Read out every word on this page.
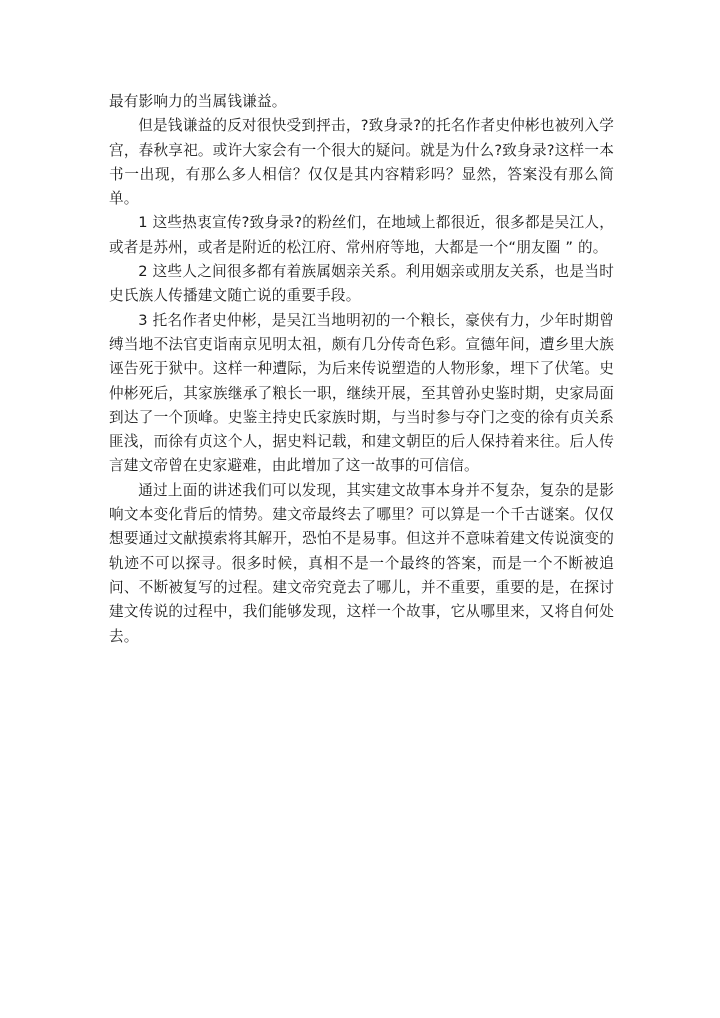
最有影响力的当属钱谦益。

但是钱谦益的反对很快受到抨击，?致身录?的托名作者史仲彬也被列入学宫，春秋享祀。或许大家会有一个很大的疑问。就是为什么?致身录?这样一本书一出现，有那么多人相信？仅仅是其内容精彩吗？显然，答案没有那么简单。

1 这些热衷宣传?致身录?的粉丝们，在地域上都很近，很多都是吴江人，或者是苏州，或者是附近的松江府、常州府等地，大都是一个“朋友圈 ” 的。

2 这些人之间很多都有着族属姻亲关系。利用姻亲或朋友关系，也是当时史氏族人传播建文随亡说的重要手段。

3 托名作者史仲彬，是吴江当地明初的一个粮长，豪侠有力，少年时期曾缚当地不法官吏诣南京见明太祖，颇有几分传奇色彩。宣德年间，遭乡里大族诬告死于狱中。这样一种遭际，为后来传说塑造的人物形象，埋下了伏笔。史仲彬死后，其家族继承了粮长一职，继续开展，至其曾孙史鉴时期，史家局面到达了一个顶峰。史鉴主持史氏家族时期，与当时参与夺门之变的徐有贞关系匪浅，而徐有贞这个人，据史料记载，和建文朝臣的后人保持着来往。后人传言建文帝曾在史家避难，由此增加了这一故事的可信信。

通过上面的讲述我们可以发现，其实建文故事本身并不复杂，复杂的是影响文本变化背后的情势。建文帝最终去了哪里？可以算是一个千古谜案。仅仅想要通过文献摸索将其解开，恐怕不是易事。但这并不意味着建文传说演变的轨迹不可以探寻。很多时候，真相不是一个最终的答案，而是一个不断被追问、不断被复写的过程。建文帝究竟去了哪儿，并不重要，重要的是，在探讨建文传说的过程中，我们能够发现，这样一个故事，它从哪里来，又将自何处去。
